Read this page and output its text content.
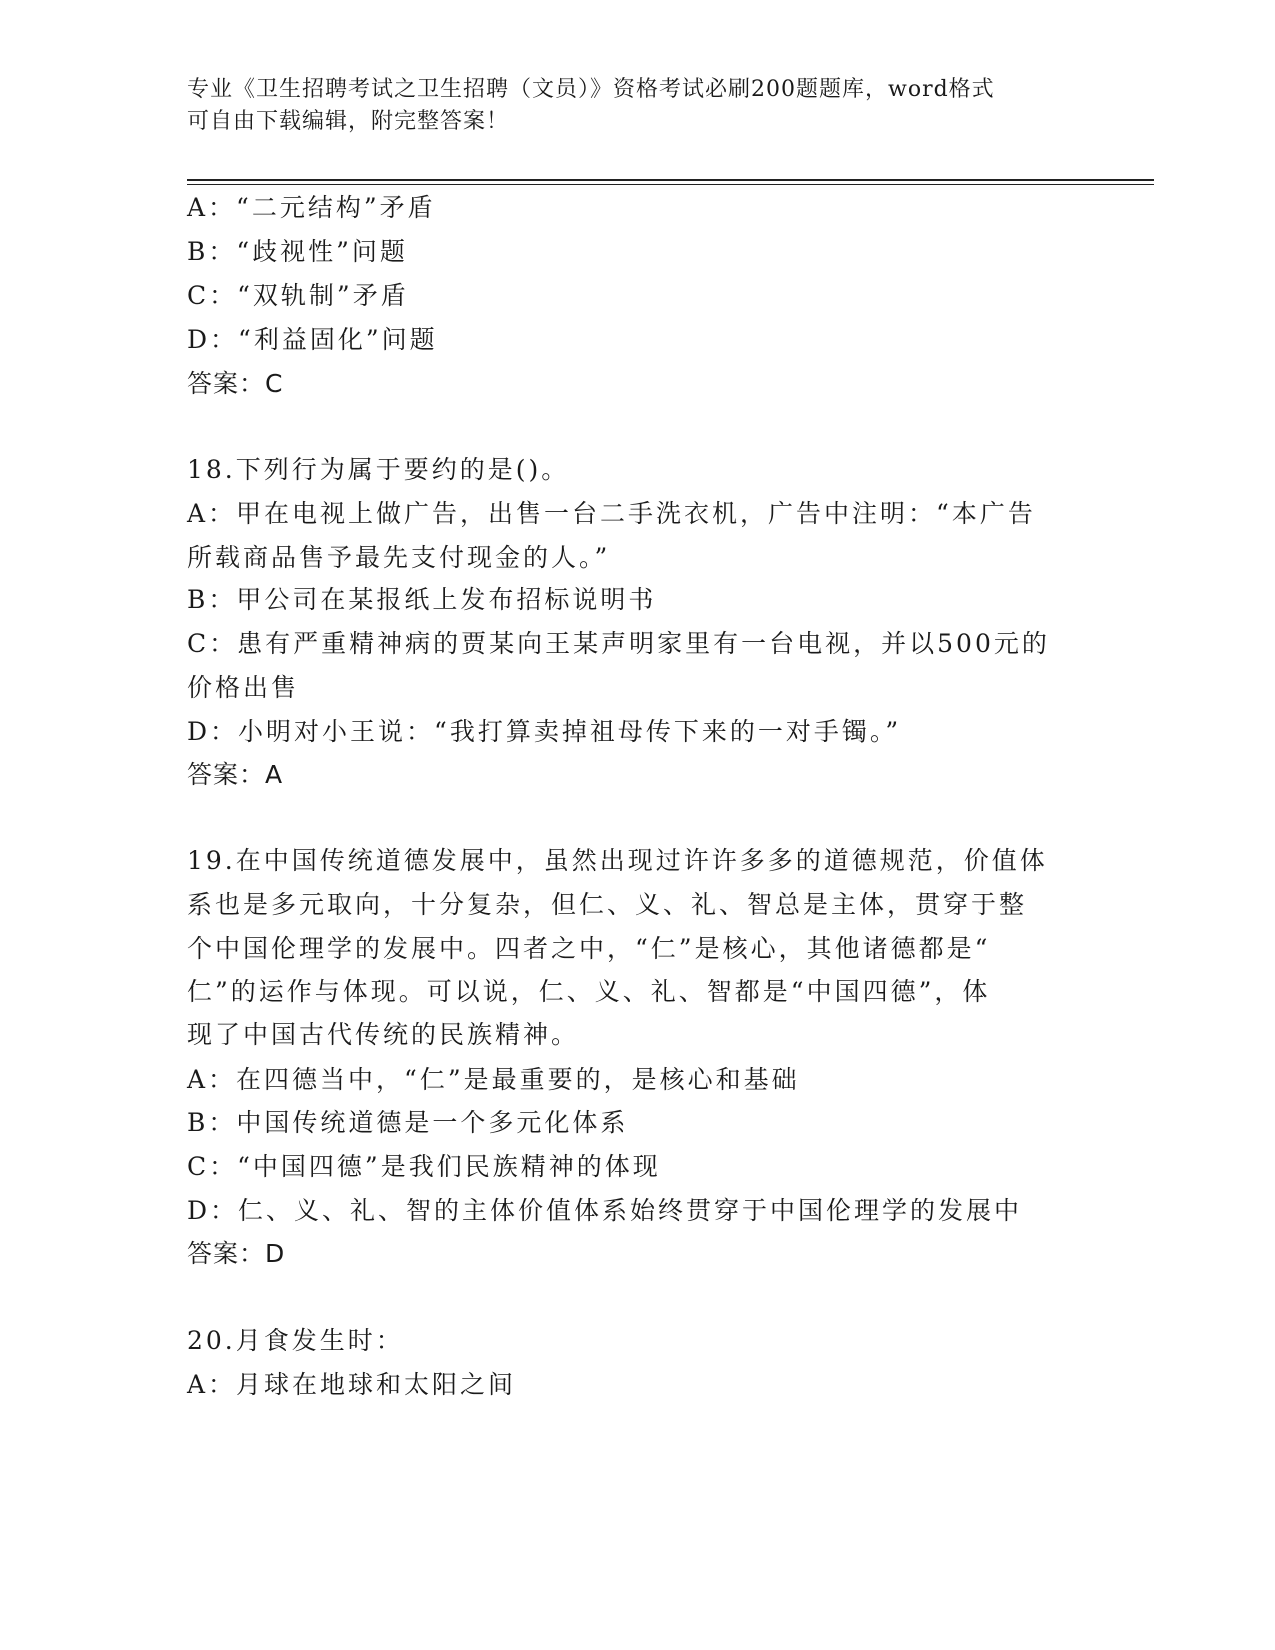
专业《卫生招聘考试之卫生招聘（文员）》资格考试必刷200题题库，word格式
可自由下载编辑，附完整答案！
A：“二元结构”矛盾
B：“歧视性”问题
C：“双轨制”矛盾
D：“利益固化”问题
答案：C
18.下列行为属于要约的是()。
A：甲在电视上做广告，出售一台二手洗衣机，广告中注明：“本广告
所载商品售予最先支付现金的人。”
B：甲公司在某报纸上发布招标说明书
C：患有严重精神病的贾某向王某声明家里有一台电视，并以500元的
价格出售
D：小明对小王说：“我打算卖掉祖母传下来的一对手镯。”
答案：A
19.在中国传统道德发展中，虽然出现过许许多多的道德规范，价值体
系也是多元取向，十分复杂，但仁、义、礼、智总是主体，贯穿于整
个中国伦理学的发展中。四者之中，“仁”是核心，其他诸德都是“
仁”的运作与体现。可以说，仁、义、礼、智都是“中国四德”，体
现了中国古代传统的民族精神。
A：在四德当中，“仁”是最重要的，是核心和基础
B：中国传统道德是一个多元化体系
C：“中国四德”是我们民族精神的体现
D：仁、义、礼、智的主体价值体系始终贯穿于中国伦理学的发展中
答案：D
20.月食发生时：
A：月球在地球和太阳之间
